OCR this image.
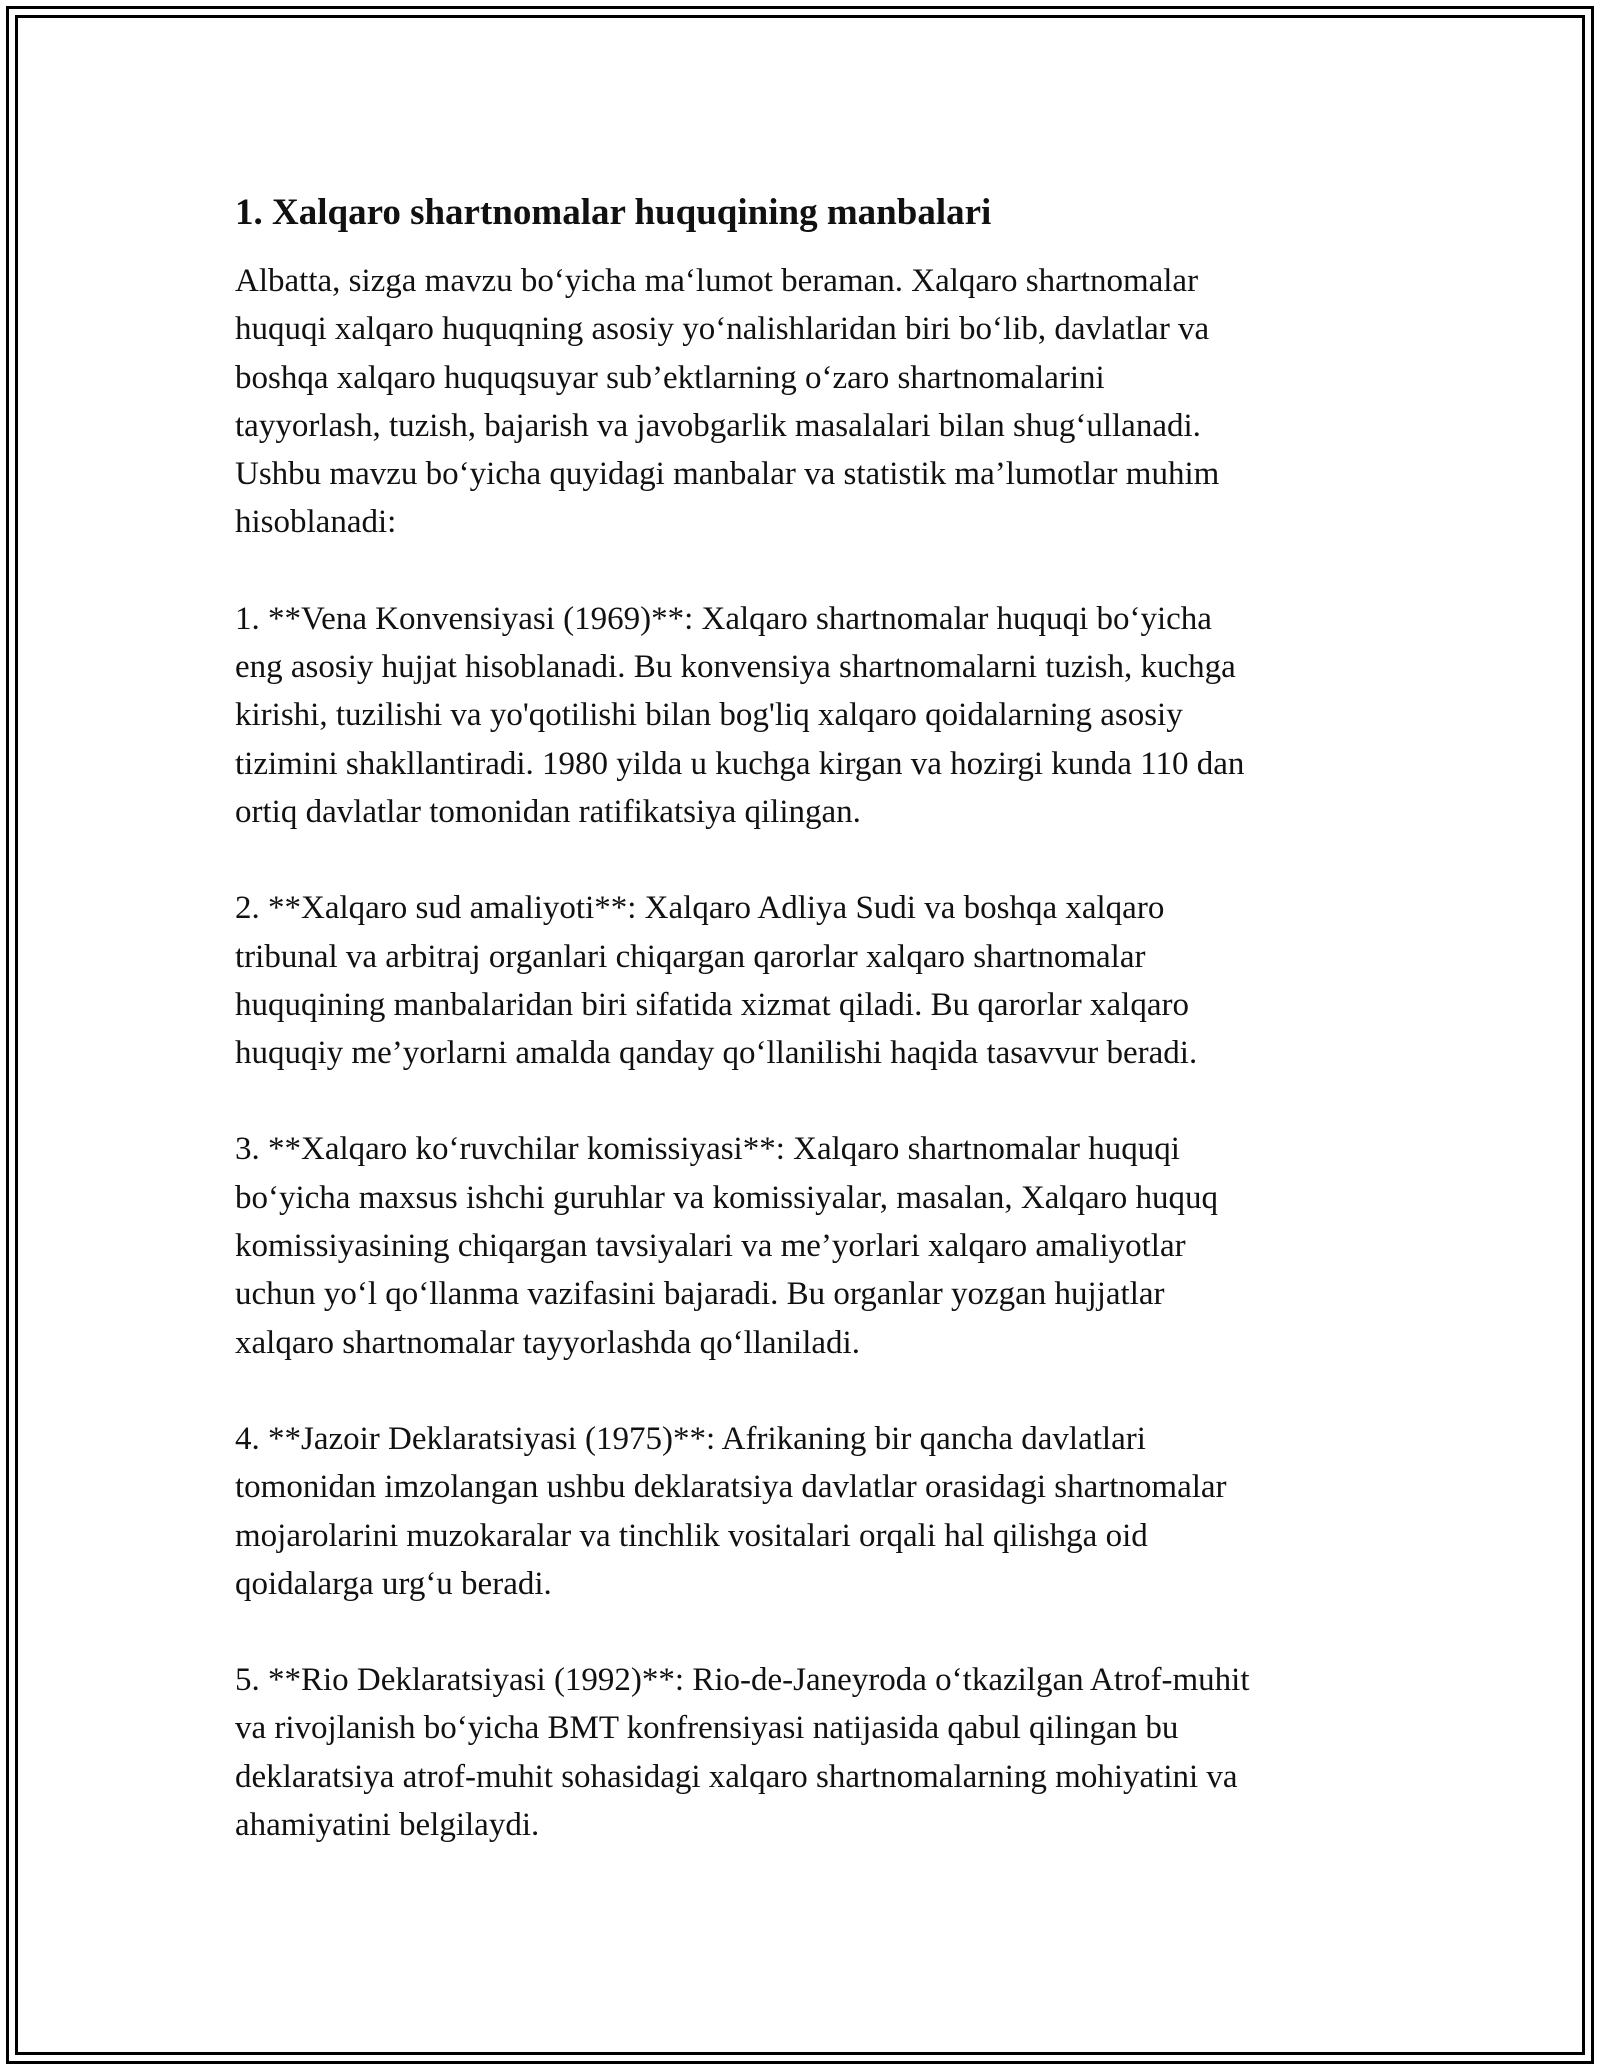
1. Xalqaro shartnomalar huquqining manbalari

Albatta, sizga mavzu bo‘yicha ma‘lumot beraman. Xalqaro shartnomalar
huquqi xalqaro huquqning asosiy yo‘nalishlaridan biri bo‘lib, davlatlar va
boshqa xalqaro huquqsuyar sub’ektlarning o‘zaro shartnomalarini
tayyorlash, tuzish, bajarish va javobgarlik masalalari bilan shug‘ullanadi.
Ushbu mavzu bo‘yicha quyidagi manbalar va statistik ma’lumotlar muhim
hisoblanadi:

1. **Vena Konvensiyasi (1969)**: Xalqaro shartnomalar huquqi bo‘yicha
eng asosiy hujjat hisoblanadi. Bu konvensiya shartnomalarni tuzish, kuchga
kirishi, tuzilishi va yo'qotilishi bilan bog'liq xalqaro qoidalarning asosiy
tizimini shakllantiradi. 1980 yilda u kuchga kirgan va hozirgi kunda 110 dan
ortiq davlatlar tomonidan ratifikatsiya qilingan.

2. **Xalqaro sud amaliyoti**: Xalqaro Adliya Sudi va boshqa xalqaro
tribunal va arbitraj organlari chiqargan qarorlar xalqaro shartnomalar
huquqining manbalaridan biri sifatida xizmat qiladi. Bu qarorlar xalqaro
huquqiy me’yorlarni amalda qanday qo‘llanilishi haqida tasavvur beradi.

3. **Xalqaro ko‘ruvchilar komissiyasi**: Xalqaro shartnomalar huquqi
bo‘yicha maxsus ishchi guruhlar va komissiyalar, masalan, Xalqaro huquq
komissiyasining chiqargan tavsiyalari va me’yorlari xalqaro amaliyotlar
uchun yo‘l qo‘llanma vazifasini bajaradi. Bu organlar yozgan hujjatlar
xalqaro shartnomalar tayyorlashda qo‘llaniladi.

4. **Jazoir Deklaratsiyasi (1975)**: Afrikaning bir qancha davlatlari
tomonidan imzolangan ushbu deklaratsiya davlatlar orasidagi shartnomalar
mojarolarini muzokaralar va tinchlik vositalari orqali hal qilishga oid
qoidalarga urg‘u beradi.

5. **Rio Deklaratsiyasi (1992)**: Rio-de-Janeyroda o‘tkazilgan Atrof-muhit
va rivojlanish bo‘yicha BMT konfrensiyasi natijasida qabul qilingan bu
deklaratsiya atrof-muhit sohasidagi xalqaro shartnomalarning mohiyatini va
ahamiyatini belgilaydi.
